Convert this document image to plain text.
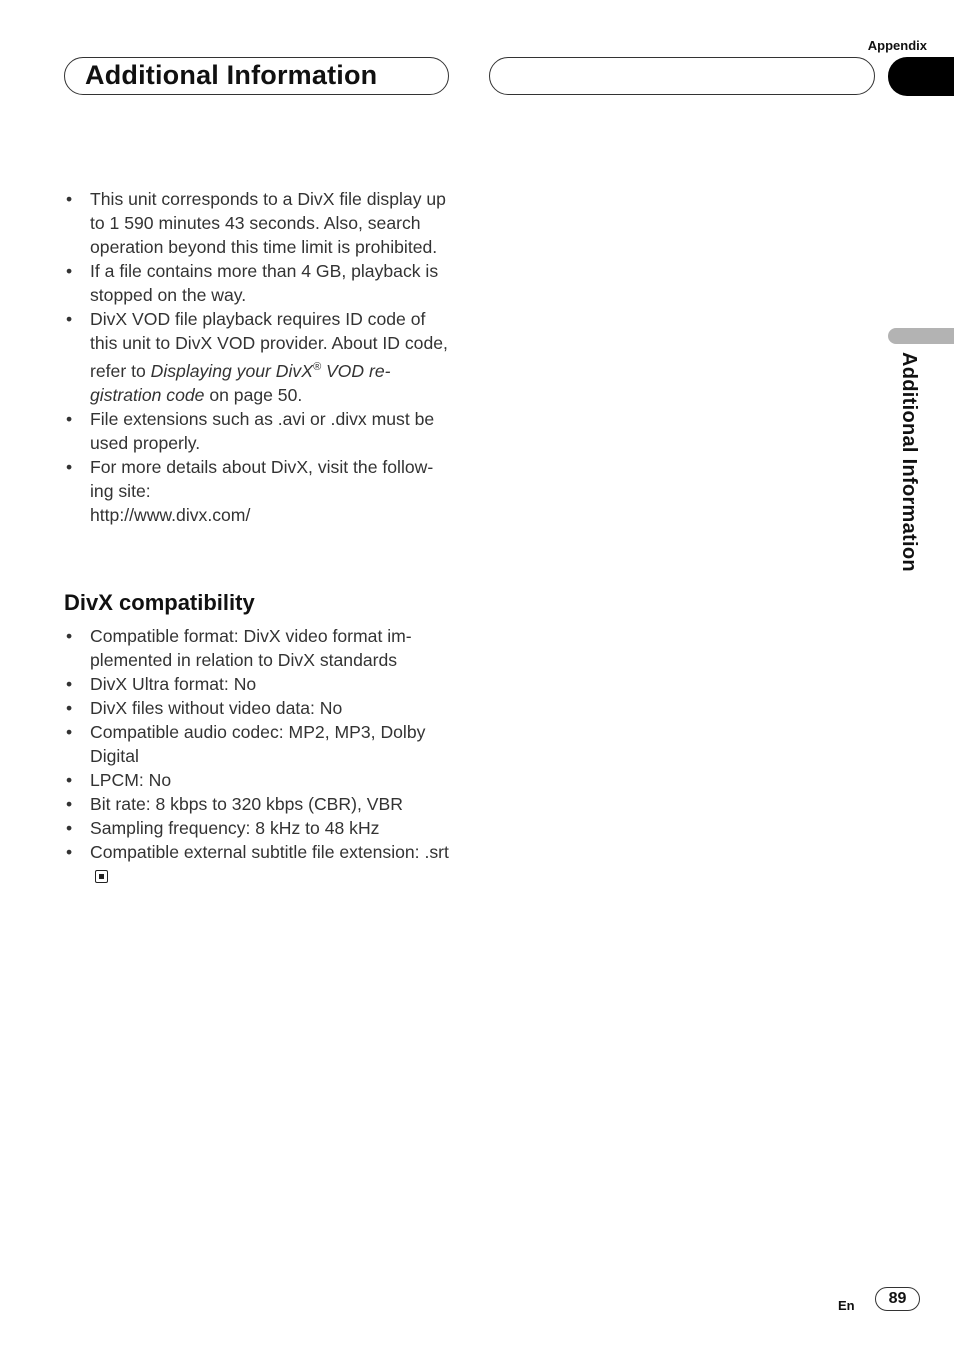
Appendix
Additional Information
Additional Information
• This unit corresponds to a DivX file display up to 1 590 minutes 43 seconds. Also, search operation beyond this time limit is prohibited.
• If a file contains more than 4 GB, playback is stopped on the way.
• DivX VOD file playback requires ID code of this unit to DivX VOD provider. About ID code, refer to Displaying your DivX® VOD re-gistration code on page 50.
• File extensions such as .avi or .divx must be used properly.
• For more details about DivX, visit the follow-ing site:
http://www.divx.com/
DivX compatibility
• Compatible format: DivX video format im-plemented in relation to DivX standards
• DivX Ultra format: No
• DivX files without video data: No
• Compatible audio codec: MP2, MP3, Dolby Digital
• LPCM: No
• Bit rate: 8 kbps to 320 kbps (CBR), VBR
• Sampling frequency: 8 kHz to 48 kHz
• Compatible external subtitle file extension: .srt
En	89
